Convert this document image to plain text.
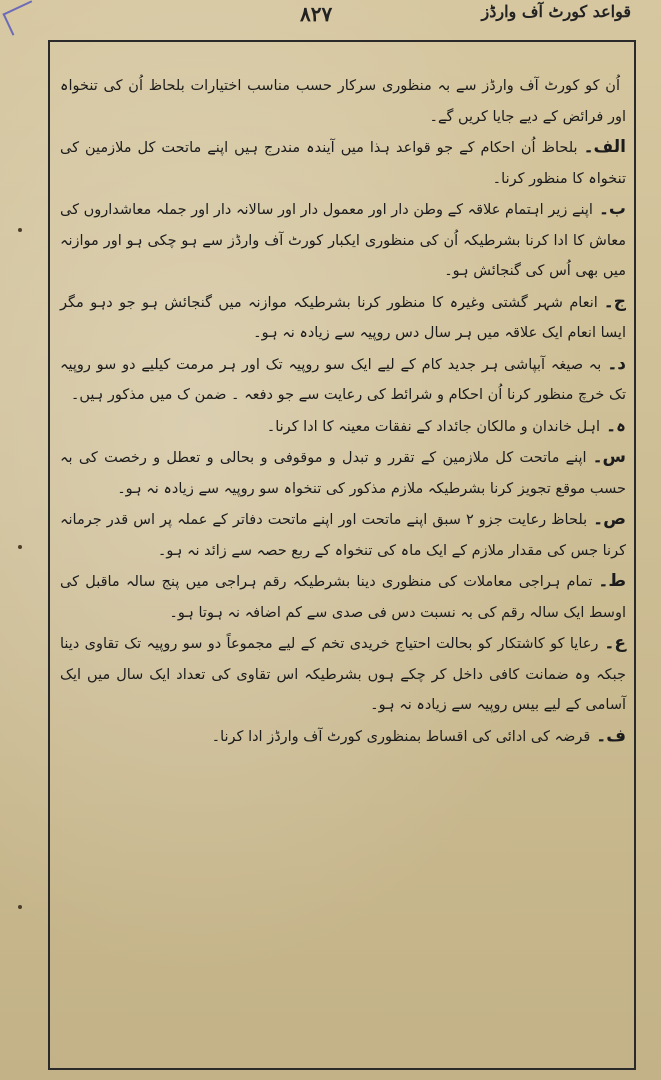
۸۲۷	قواعد کورٹ آف وارڈز

اُن کو کورٹ آف وارڈز سے بہ منظوری سرکار حسب مناسب اختیارات بلحاظ اُن کی تنخواہ اور فرائض کے دیے جایا کریں گے۔

الف۔بلحاظ اُن احکام کے جو قواعد ہذا میں آیندہ مندرج ہیں اپنے ماتحت کل ملازمین کی تنخواہ کا منظور کرنا۔

ب۔اپنے زیر اہتمام علاقہ کے وطن دار اور معمول دار اور سالانہ دار اور جملہ معاشداروں کی معاش کا ادا کرنا بشرطیکہ اُن کی منظوری ایکبار کورٹ آف وارڈز سے ہو چکی ہو اور موازنہ میں بھی اُس کی گنجائش ہو۔

ج۔انعام شہر گشتی وغیرہ کا منظور کرنا بشرطیکہ موازنہ میں گنجائش ہو جو دہو مگر ایسا انعام ایک علاقہ میں ہر سال دس روپیہ سے زیادہ نہ ہو۔

د۔بہ صیغہ آبپاشی ہر جدید کام کے لیے ایک سو روپیہ تک اور ہر مرمت کیلیے دو سو روپیہ تک خرچ منظور کرنا اُن احکام و شرائط کی رعایت سے جو دفعہ ۔ ضمن ک میں مذکور ہیں۔

ہ۔اہل خاندان و مالکان جائداد کے نفقات معینہ کا ادا کرنا۔

س۔اپنے ماتحت کل ملازمین کے تقرر و تبدل و موقوفی و بحالی و تعطل و رخصت کی بہ حسب موقع تجویز کرنا بشرطیکہ ملازم مذکور کی تنخواہ سو روپیہ سے زیادہ نہ ہو۔

ص۔بلحاظ رعایت جزو ۲ سبق اپنے ماتحت اور اپنے ماتحت دفاتر کے عملہ پر اس قدر جرمانہ کرنا جس کی مقدار ملازم کے ایک ماہ کی تنخواہ کے ربع حصہ سے زائد نہ ہو۔

ط۔تمام ہراجی معاملات کی منظوری دینا بشرطیکہ رقم ہراجی میں پنج سالہ ماقبل کی اوسط ایک سالہ رقم کی بہ نسبت دس فی صدی سے کم اضافہ نہ ہوتا ہو۔

ع۔رعایا کو کاشتکار کو بحالت احتیاج خریدی تخم کے لیے مجموعاً دو سو روپیہ تک تقاوی دینا جبکہ وہ ضمانت کافی داخل کر چکے ہوں بشرطیکہ اس تقاوی کی تعداد ایک سال میں ایک آسامی کے لیے بیس روپیہ سے زیادہ نہ ہو۔

ف۔قرضہ کی ادائی کی اقساط بمنظوری کورٹ آف وارڈز ادا کرنا۔
